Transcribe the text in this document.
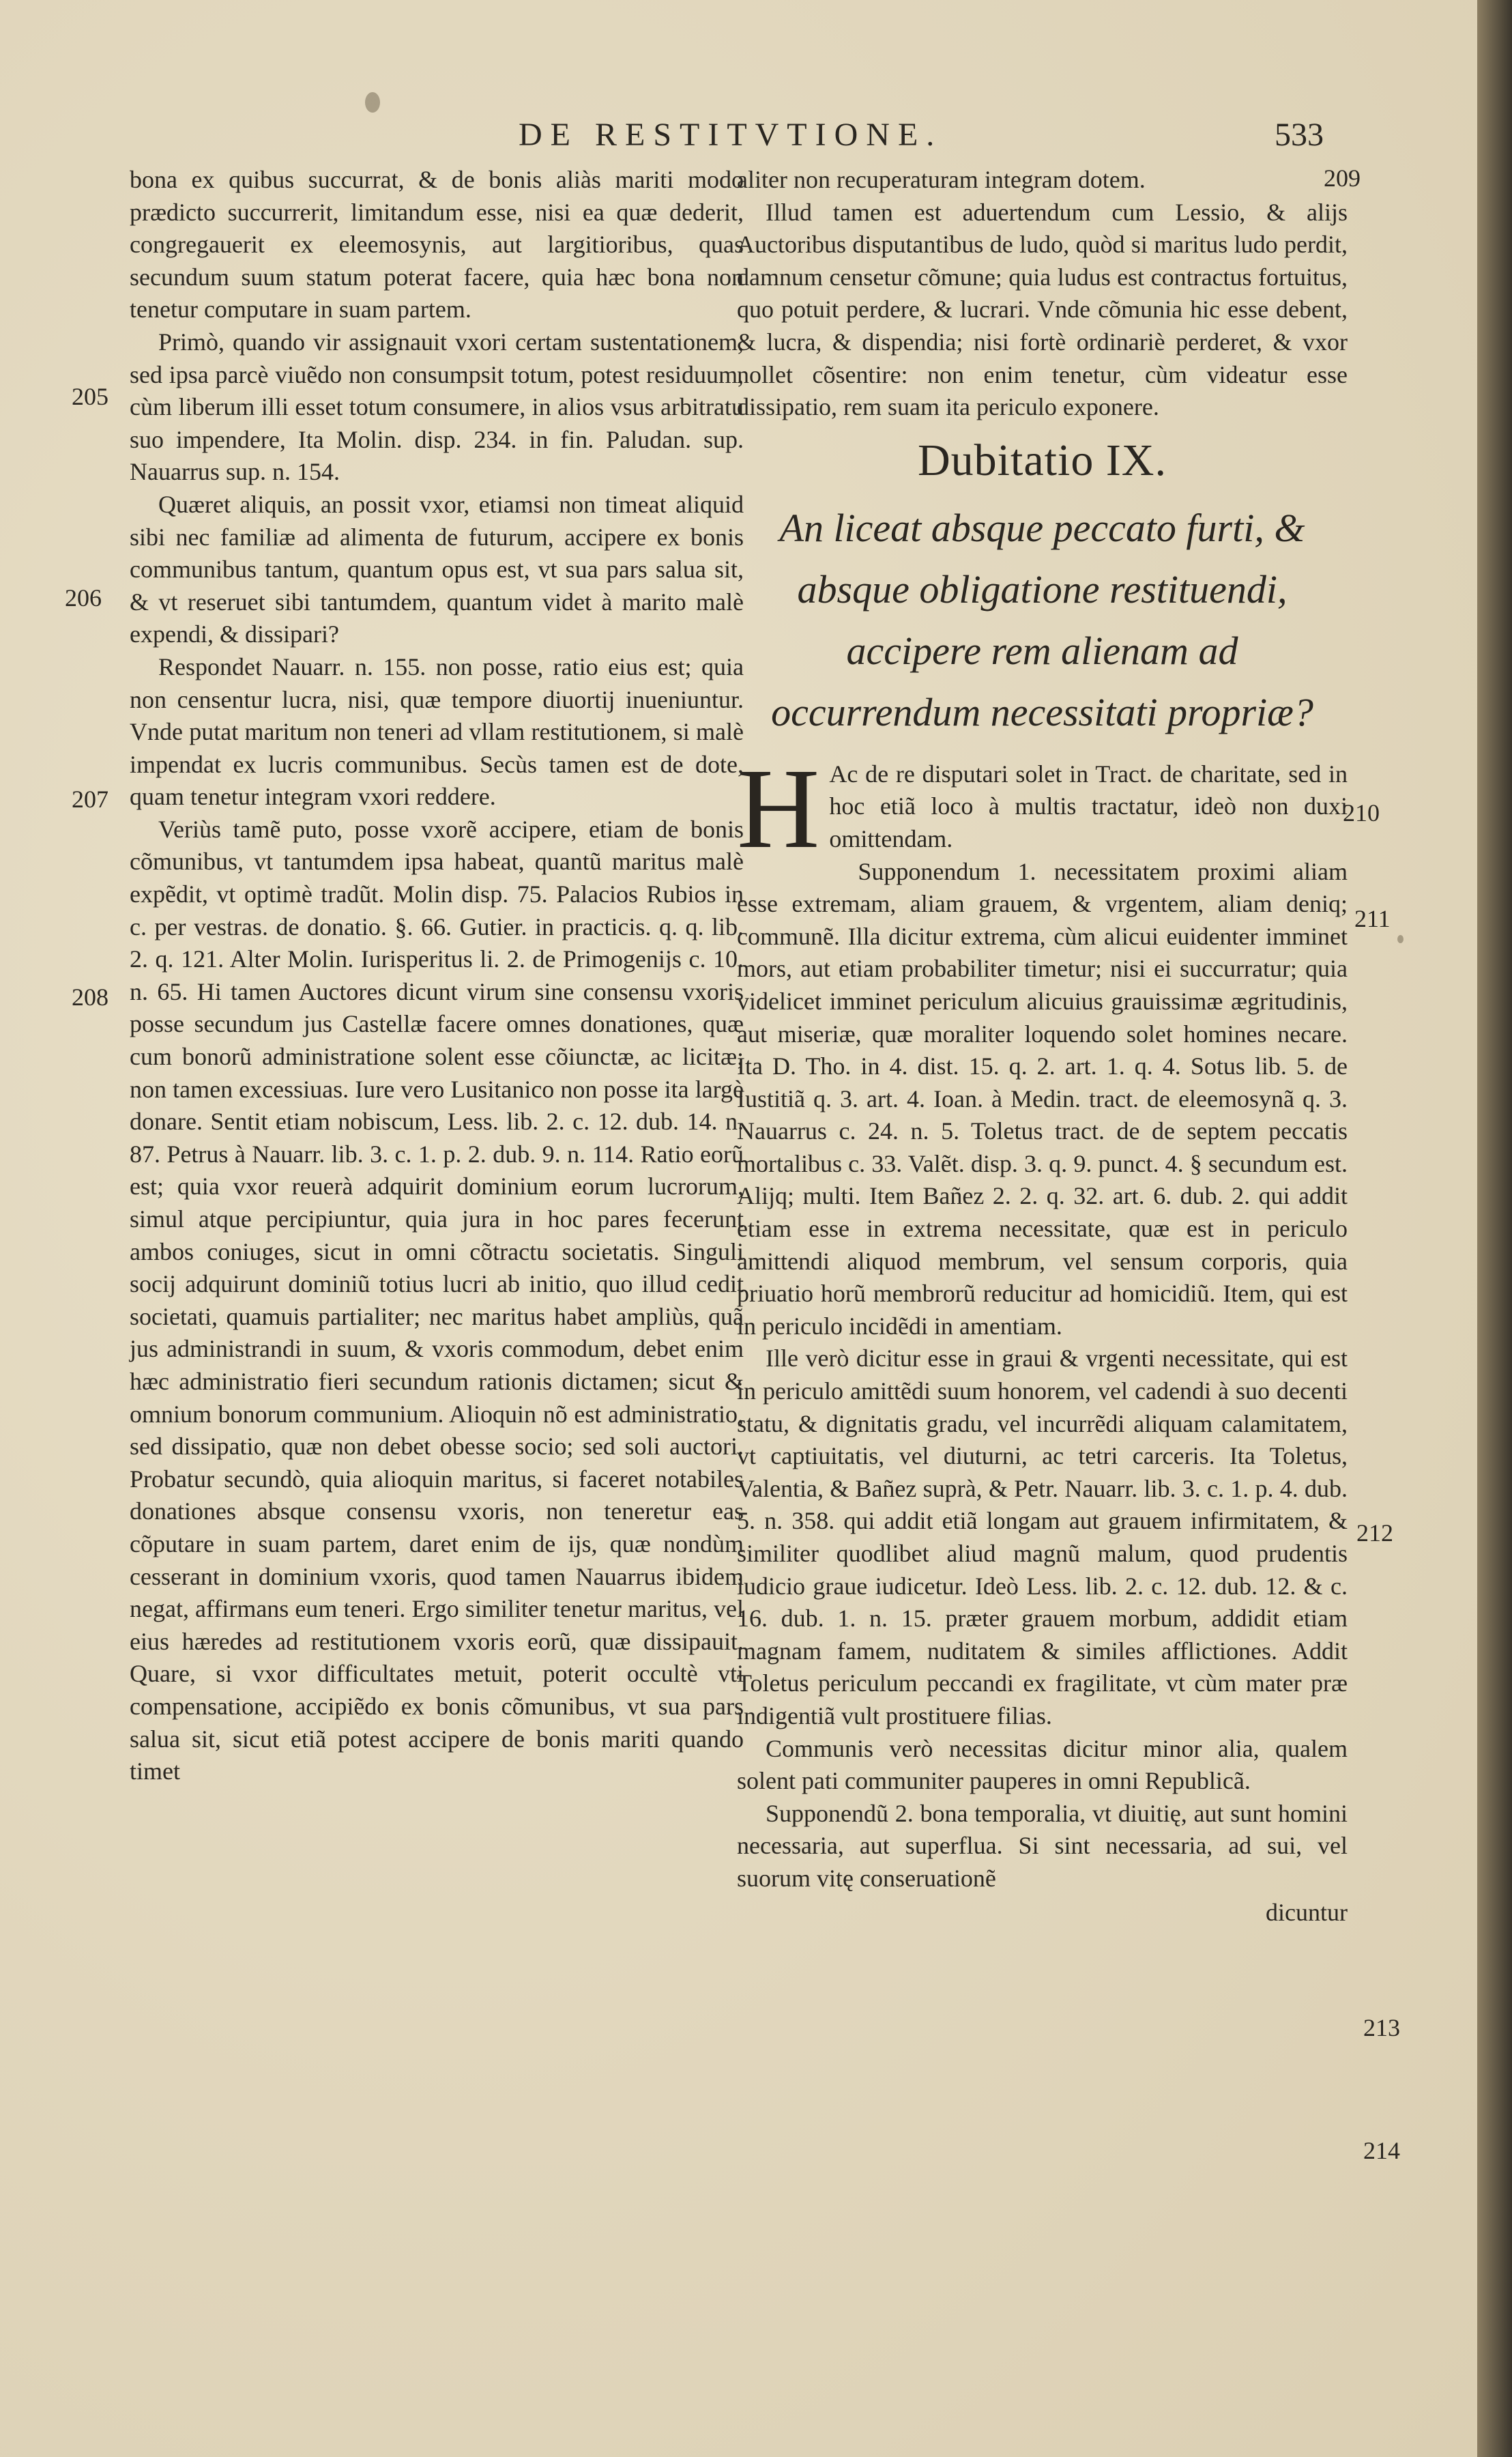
DE RESTITVTIONE.	533
205
206
207
208

bona ex quibus succurrat, & de bonis aliàs mariti modo prædicto succurrerit, limitandum esse, nisi ea quæ dederit, congregauerit ex eleemosynis, aut largitioribus, quas secundum suum statum poterat facere, quia hæc bona non tenetur computare in suam partem.

Primò, quando vir assignauit vxori certam sustentationem, sed ipsa parcè viuẽdo non consumpsit totum, potest residuum, cùm liberum illi esset totum consumere, in alios vsus arbitratu suo impendere, Ita Molin. disp. 234. in fin. Paludan. sup. Nauarrus sup. n. 154.

Quæret aliquis, an possit vxor, etiamsi non timeat aliquid sibi nec familiæ ad alimenta de futurum, accipere ex bonis communibus tantum, quantum opus est, vt sua pars salua sit, & vt reseruet sibi tantumdem, quantum videt à marito malè expendi, & dissipari?

Respondet Nauarr. n. 155. non posse, ratio eius est; quia non censentur lucra, nisi, quæ tempore diuortij inueniuntur. Vnde putat maritum non teneri ad vllam restitutionem, si malè impendat ex lucris communibus. Secùs tamen est de dote, quam tenetur integram vxori reddere.

Veriùs tamẽ puto, posse vxorẽ accipere, etiam de bonis cõmunibus, vt tantumdem ipsa habeat, quantũ maritus malè expẽdit, vt optimè tradũt. Molin disp. 75. Palacios Rubios in c. per vestras. de donatio. §. 66. Gutier. in practicis. q. q. lib. 2. q. 121. Alter Molin. Iurisperitus li. 2. de Primogenijs c. 10. n. 65. Hi tamen Auctores dicunt virum sine consensu vxoris posse secundum jus Castellæ facere omnes donationes, quæ cum bonorũ administratione solent esse cõiunctæ, ac licitæ; non tamen excessiuas. Iure vero Lusitanico non posse ita largè donare. Sentit etiam nobiscum, Less. lib. 2. c. 12. dub. 14. n. 87. Petrus à Nauarr. lib. 3. c. 1. p. 2. dub. 9. n. 114. Ratio eorũ est; quia vxor reuerà adquirit dominium eorum lucrorum, simul atque percipiuntur, quia jura in hoc pares fecerunt ambos coniuges, sicut in omni cõtractu societatis. Singuli socij adquirunt dominiũ totius lucri ab initio, quo illud cedit societati, quamuis partialiter; nec maritus habet ampliùs, quã jus administrandi in suum, & vxoris commodum, debet enim hæc administratio fieri secundum rationis dictamen; sicut & omnium bonorum communium. Alioquin nõ est administratio, sed dissipatio, quæ non debet obesse socio; sed soli auctori. Probatur secundò, quia alioquin maritus, si faceret notabiles donationes absque consensu vxoris, non teneretur eas cõputare in suam partem, daret enim de ijs, quæ nondùm cesserant in dominium vxoris, quod tamen Nauarrus ibidem negat, affirmans eum teneri. Ergo similiter tenetur maritus, vel eius hæredes ad restitutionem vxoris eorũ, quæ dissipauit. Quare, si vxor difficultates metuit, poterit occultè vti compensatione, accipiẽdo ex bonis cõmunibus, vt sua pars salua sit, sicut etiã potest accipere de bonis mariti quando timet

209
210
211
212
213
214

aliter non recuperaturam integram dotem.

Illud tamen est aduertendum cum Lessio, & alijs Auctoribus disputantibus de ludo, quòd si maritus ludo perdit, damnum censetur cõmune; quia ludus est contractus fortuitus, quo potuit perdere, & lucrari. Vnde cõmunia hic esse debent, & lucra, & dispendia; nisi fortè ordinariè perderet, & vxor nollet cõsentire: non enim tenetur, cùm videatur esse dissipatio, rem suam ita periculo exponere.

Dubitatio IX.
An liceat absque peccato furti, & absque obligatione restituendi, accipere rem alienam ad occurrendum necessitati propriæ?

H Ac de re disputari solet in Tract. de charitate, sed in hoc etiã loco à multis tractatur, ideò non duxi omittendam.

Supponendum 1. necessitatem proximi aliam esse extremam, aliam grauem, & vrgentem, aliam deniq; communẽ. Illa dicitur extrema, cùm alicui euidenter imminet mors, aut etiam probabiliter timetur; nisi ei succurratur; quia videlicet imminet periculum alicuius grauissimæ ægritudinis, aut miseriæ, quæ moraliter loquendo solet homines necare. Ita D. Tho. in 4. dist. 15. q. 2. art. 1. q. 4. Sotus lib. 5. de Iustitiã q. 3. art. 4. Ioan. à Medin. tract. de eleemosynã q. 3. Nauarrus c. 24. n. 5. Toletus tract. de de septem peccatis mortalibus c. 33. Valẽt. disp. 3. q. 9. punct. 4. § secundum est. Alijq; multi. Item Bañez 2. 2. q. 32. art. 6. dub. 2. qui addit etiam esse in extrema necessitate, quæ est in periculo amittendi aliquod membrum, vel sensum corporis, quia priuatio horũ membrorũ reducitur ad homicidiũ. Item, qui est in periculo incidẽdi in amentiam.

Ille verò dicitur esse in graui & vrgenti necessitate, qui est in periculo amittẽdi suum honorem, vel cadendi à suo decenti statu, & dignitatis gradu, vel incurrẽdi aliquam calamitatem, vt captiuitatis, vel diuturni, ac tetri carceris. Ita Toletus, Valentia, & Bañez suprà, & Petr. Nauarr. lib. 3. c. 1. p. 4. dub. 5. n. 358. qui addit etiã longam aut grauem infirmitatem, & similiter quodlibet aliud magnũ malum, quod prudentis iudicio graue iudicetur. Ideò Less. lib. 2. c. 12. dub. 12. & c. 16. dub. 1. n. 15. præter grauem morbum, addidit etiam magnam famem, nuditatem & similes afflictiones. Addit Toletus periculum peccandi ex fragilitate, vt cùm mater præ indigentiã vult prostituere filias.

Communis verò necessitas dicitur minor alia, qualem solent pati communiter pauperes in omni Republicã.

Supponendũ 2. bona temporalia, vt diuitię, aut sunt homini necessaria, aut superflua. Si sint necessaria, ad sui, vel suorum vitę conseruationẽ

dicuntur
